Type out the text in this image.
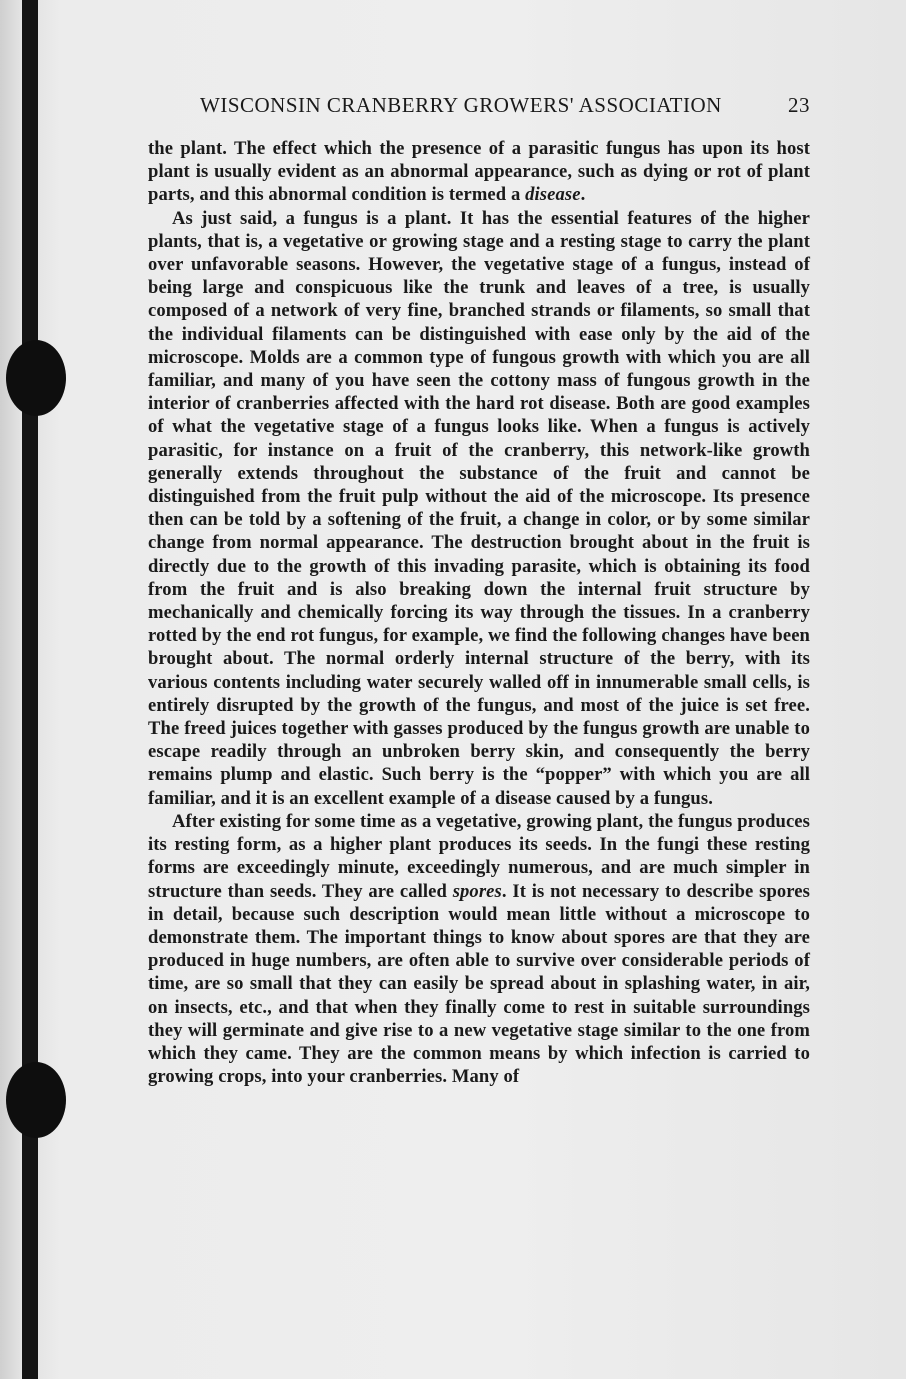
WISCONSIN CRANBERRY GROWERS' ASSOCIATION	23

the plant. The effect which the presence of a parasitic fungus has upon its host plant is usually evident as an abnormal appearance, such as dying or rot of plant parts, and this abnormal condition is termed a disease.

As just said, a fungus is a plant. It has the essential features of the higher plants, that is, a vegetative or growing stage and a resting stage to carry the plant over unfavorable seasons. However, the vegetative stage of a fungus, instead of being large and conspicuous like the trunk and leaves of a tree, is usually composed of a network of very fine, branched strands or filaments, so small that the individual filaments can be distinguished with ease only by the aid of the microscope. Molds are a common type of fungous growth with which you are all familiar, and many of you have seen the cottony mass of fungous growth in the interior of cranberries affected with the hard rot disease. Both are good examples of what the vegetative stage of a fungus looks like. When a fungus is actively parasitic, for instance on a fruit of the cranberry, this network-like growth generally extends throughout the substance of the fruit and cannot be distinguished from the fruit pulp without the aid of the microscope. Its presence then can be told by a softening of the fruit, a change in color, or by some similar change from normal appearance. The destruction brought about in the fruit is directly due to the growth of this invading parasite, which is obtaining its food from the fruit and is also breaking down the internal fruit structure by mechanically and chemically forcing its way through the tissues. In a cranberry rotted by the end rot fungus, for example, we find the following changes have been brought about. The normal orderly internal structure of the berry, with its various contents including water securely walled off in innumerable small cells, is entirely disrupted by the growth of the fungus, and most of the juice is set free. The freed juices together with gasses produced by the fungus growth are unable to escape readily through an unbroken berry skin, and consequently the berry remains plump and elastic. Such berry is the “popper” with which you are all familiar, and it is an excellent example of a disease caused by a fungus.

After existing for some time as a vegetative, growing plant, the fungus produces its resting form, as a higher plant produces its seeds. In the fungi these resting forms are exceedingly minute, exceedingly numerous, and are much simpler in structure than seeds. They are called spores. It is not necessary to describe spores in detail, because such description would mean little without a microscope to demonstrate them. The important things to know about spores are that they are produced in huge numbers, are often able to survive over considerable periods of time, are so small that they can easily be spread about in splashing water, in air, on insects, etc., and that when they finally come to rest in suitable surroundings they will germinate and give rise to a new vegetative stage similar to the one from which they came. They are the common means by which infection is carried to growing crops, into your cranberries. Many of
